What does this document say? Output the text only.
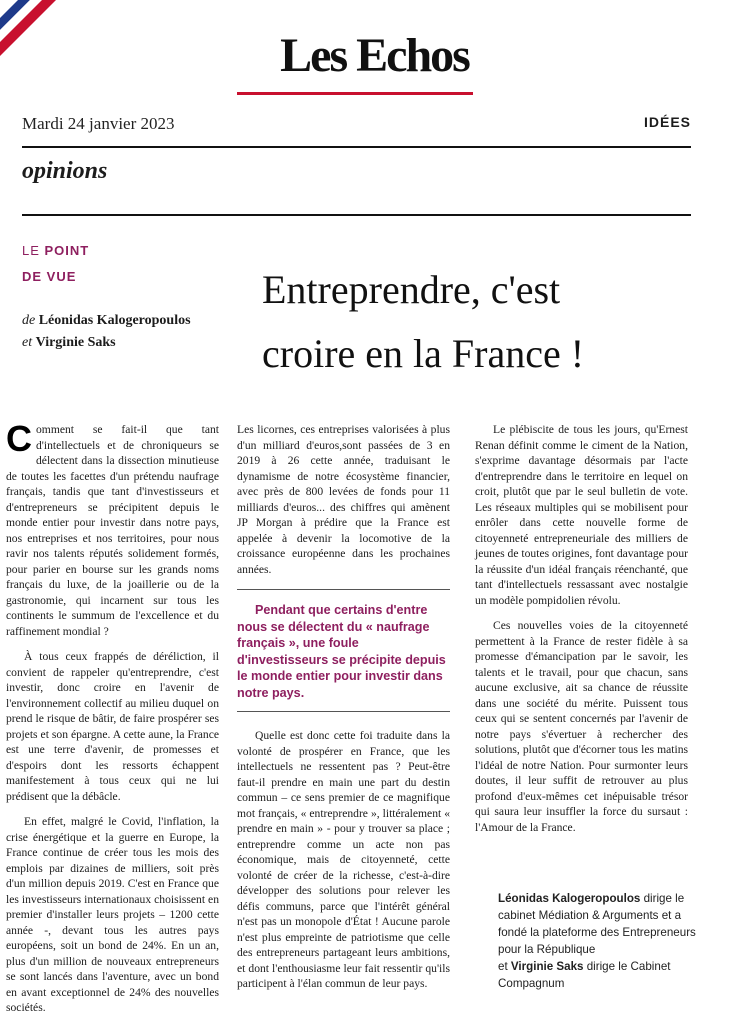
Les Echos
Mardi 24 janvier 2023	IDÉES
opinions
LE POINT
DE VUE
de Léonidas Kalogeropoulos
et Virginie Saks
Entreprendre, c'est
croire en la France !

Comment se fait-il que tant d'intellectuels et de chroniqueurs se délectent dans la dissection minutieuse de toutes les facettes d'un prétendu naufrage français, tandis que tant d'investisseurs et d'entrepreneurs se précipitent depuis le monde entier pour investir dans notre pays, nos entreprises et nos territoires, pour nous ravir nos talents réputés solidement formés, pour parier en bourse sur les grands noms français du luxe, de la joaillerie ou de la gastronomie, qui incarnent sur tous les continents le summum de l'excellence et du raffinement mondial ?

À tous ceux frappés de déréliction, il convient de rappeler qu'entreprendre, c'est investir, donc croire en l'avenir de l'environnement collectif au milieu duquel on prend le risque de bâtir, de faire prospérer ses projets et son épargne. A cette aune, la France est une terre d'avenir, de promesses et d'espoirs dont les ressorts échappent manifestement à tous ceux qui ne lui prédisent que la débâcle.

En effet, malgré le Covid, l'inflation, la crise énergétique et la guerre en Europe, la France continue de créer tous les mois des emplois par dizaines de milliers, soit près d'un million depuis 2019. C'est en France que les investisseurs internationaux choisissent en premier d'installer leurs projets – 1200 cette année -, devant tous les autres pays européens, soit un bond de 24%. En un an, plus d'un million de nouveaux entrepreneurs se sont lancés dans l'aventure, avec un bond en avant exceptionnel de 24% des nouvelles sociétés.

Les licornes, ces entreprises valorisées à plus d'un milliard d'euros,sont passées de 3 en 2019 à 26 cette année, traduisant le dynamisme de notre écosystème financier, avec près de 800 levées de fonds pour 11 milliards d'euros... des chiffres qui amènent JP Morgan à prédire que la France est appelée à devenir la locomotive de la croissance européenne dans les prochaines années.

Pendant que certains d'entre nous se délectent du « naufrage français », une foule d'investisseurs se précipite depuis le monde entier pour investir dans notre pays.

Quelle est donc cette foi traduite dans la volonté de prospérer en France, que les intellectuels ne ressentent pas ? Peut-être faut-il prendre en main une part du destin commun – ce sens premier de ce magnifique mot français, « entreprendre », littéralement « prendre en main » - pour y trouver sa place ; entreprendre comme un acte non pas économique, mais de citoyenneté, cette volonté de créer de la richesse, c'est-à-dire développer des solutions pour relever les défis communs, parce que l'intérêt général n'est pas un monopole d'État ! Aucune parole n'est plus empreinte de patriotisme que celle des entrepreneurs partageant leurs ambitions, et dont l'enthousiasme leur fait ressentir qu'ils participent à l'élan commun de leur pays.

Le plébiscite de tous les jours, qu'Ernest Renan définit comme le ciment de la Nation, s'exprime davantage désormais par l'acte d'entreprendre dans le territoire en lequel on croit, plutôt que par le seul bulletin de vote. Les réseaux multiples qui se mobilisent pour enrôler dans cette nouvelle forme de citoyenneté entrepreneuriale des milliers de jeunes de toutes origines, font davantage pour la réussite d'un idéal français réenchanté, que tant d'intellectuels ressassant avec nostalgie un modèle pompidolien révolu.

Ces nouvelles voies de la citoyenneté permettent à la France de rester fidèle à sa promesse d'émancipation par le savoir, les talents et le travail, pour que chacun, sans aucune exclusive, ait sa chance de réussite dans une société du mérite. Puissent tous ceux qui se sentent concernés par l'avenir de notre pays s'évertuer à rechercher des solutions, plutôt que d'écorner tous les matins l'idéal de notre Nation. Pour surmonter leurs doutes, il leur suffit de retrouver au plus profond d'eux-mêmes cet inépuisable trésor qui saura leur insuffler la force du sursaut : l'Amour de la France.

Léonidas Kalogeropoulos dirige le cabinet Médiation & Arguments et a fondé la plateforme des Entrepreneurs pour la République
et Virginie Saks dirige le Cabinet Compagnum
